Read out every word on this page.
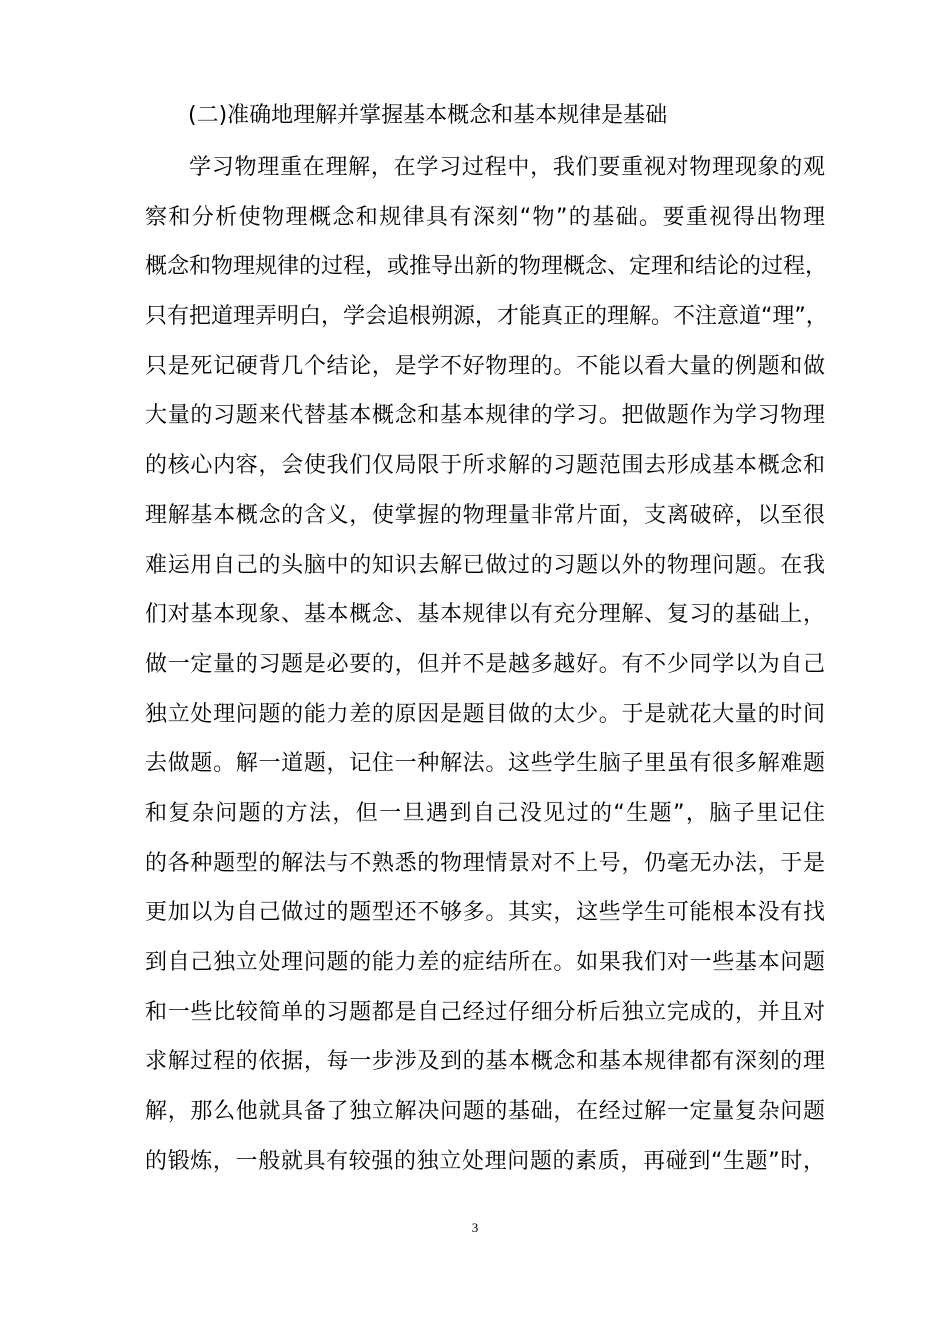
(二)准确地理解并掌握基本概念和基本规律是基础
学习物理重在理解，在学习过程中，我们要重视对物理现象的观
察和分析使物理概念和规律具有深刻“物”的基础。要重视得出物理
概念和物理规律的过程，或推导出新的物理概念、定理和结论的过程，
只有把道理弄明白，学会追根朔源，才能真正的理解。不注意道“理”，
只是死记硬背几个结论，是学不好物理的。不能以看大量的例题和做
大量的习题来代替基本概念和基本规律的学习。把做题作为学习物理
的核心内容，会使我们仅局限于所求解的习题范围去形成基本概念和
理解基本概念的含义，使掌握的物理量非常片面，支离破碎，以至很
难运用自己的头脑中的知识去解已做过的习题以外的物理问题。在我
们对基本现象、基本概念、基本规律以有充分理解、复习的基础上，
做一定量的习题是必要的，但并不是越多越好。有不少同学以为自己
独立处理问题的能力差的原因是题目做的太少。于是就花大量的时间
去做题。解一道题，记住一种解法。这些学生脑子里虽有很多解难题
和复杂问题的方法，但一旦遇到自己没见过的“生题”，脑子里记住
的各种题型的解法与不熟悉的物理情景对不上号，仍毫无办法，于是
更加以为自己做过的题型还不够多。其实，这些学生可能根本没有找
到自己独立处理问题的能力差的症结所在。如果我们对一些基本问题
和一些比较简单的习题都是自己经过仔细分析后独立完成的，并且对
求解过程的依据，每一步涉及到的基本概念和基本规律都有深刻的理
解，那么他就具备了独立解决问题的基础，在经过解一定量复杂问题
的锻炼，一般就具有较强的独立处理问题的素质，再碰到“生题”时，
3
